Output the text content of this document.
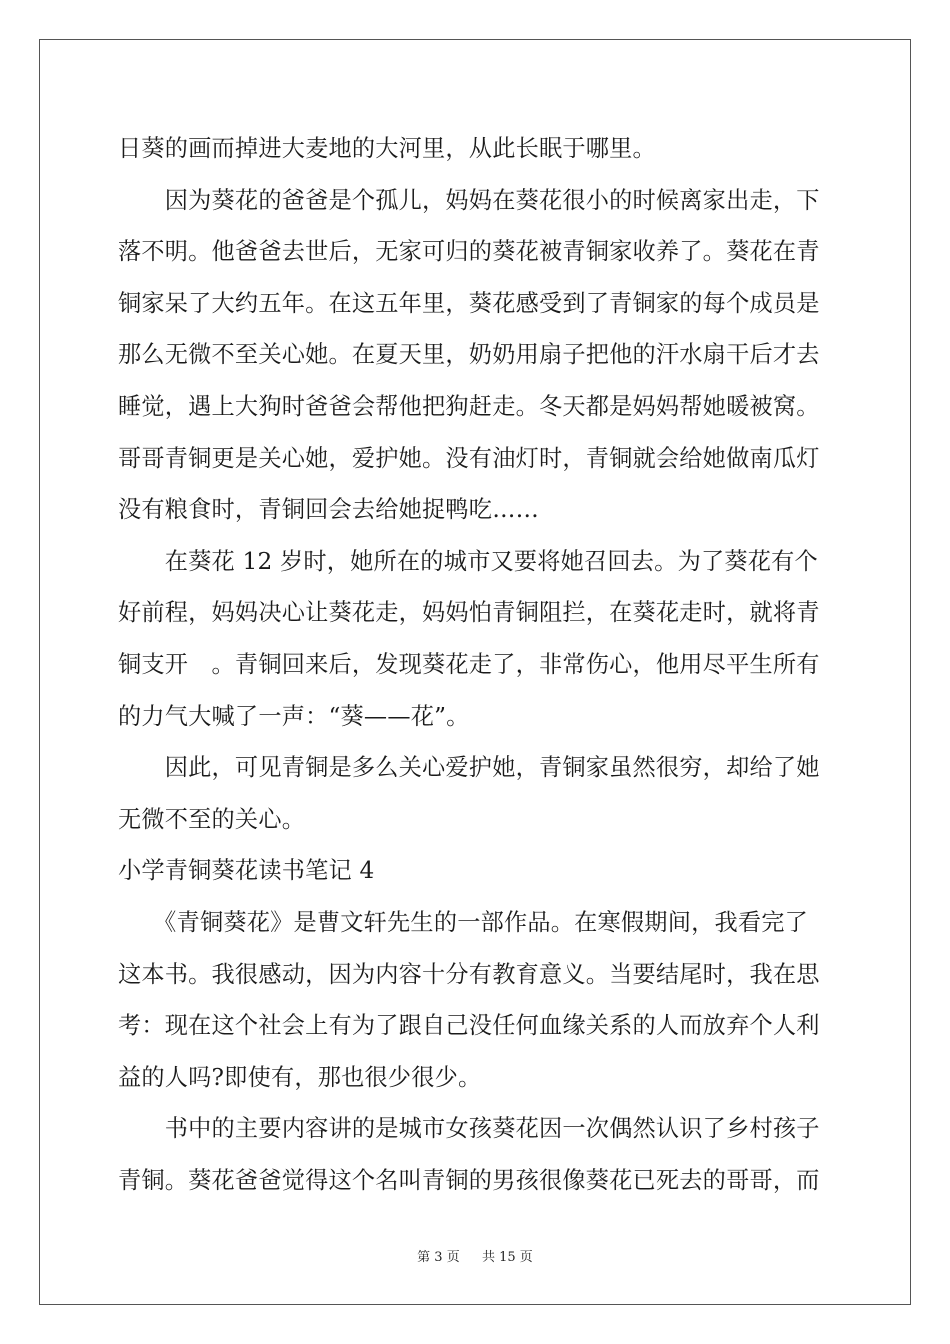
日葵的画而掉进大麦地的大河里，从此长眠于哪里。
　　因为葵花的爸爸是个孤儿，妈妈在葵花很小的时候离家出走，下
落不明。他爸爸去世后，无家可归的葵花被青铜家收养了。葵花在青
铜家呆了大约五年。在这五年里，葵花感受到了青铜家的每个成员是
那么无微不至关心她。在夏天里，奶奶用扇子把他的汗水扇干后才去
睡觉，遇上大狗时爸爸会帮他把狗赶走。冬天都是妈妈帮她暖被窝。
哥哥青铜更是关心她，爱护她。没有油灯时，青铜就会给她做南瓜灯
没有粮食时，青铜回会去给她捉鸭吃……
　　在葵花 12 岁时，她所在的城市又要将她召回去。为了葵花有个
好前程，妈妈决心让葵花走，妈妈怕青铜阻拦，在葵花走时，就将青
铜支开　。青铜回来后，发现葵花走了，非常伤心，他用尽平生所有
的力气大喊了一声：“葵——花”。
　　因此，可见青铜是多么关心爱护她，青铜家虽然很穷，却给了她
无微不至的关心。
小学青铜葵花读书笔记 4
　　《青铜葵花》是曹文轩先生的一部作品。在寒假期间，我看完了
这本书。我很感动，因为内容十分有教育意义。当要结尾时，我在思
考：现在这个社会上有为了跟自己没任何血缘关系的人而放弃个人利
益的人吗?即使有，那也很少很少。
　　书中的主要内容讲的是城市女孩葵花因一次偶然认识了乡村孩子
青铜。葵花爸爸觉得这个名叫青铜的男孩很像葵花已死去的哥哥，而
第 3 页 共 15 页
